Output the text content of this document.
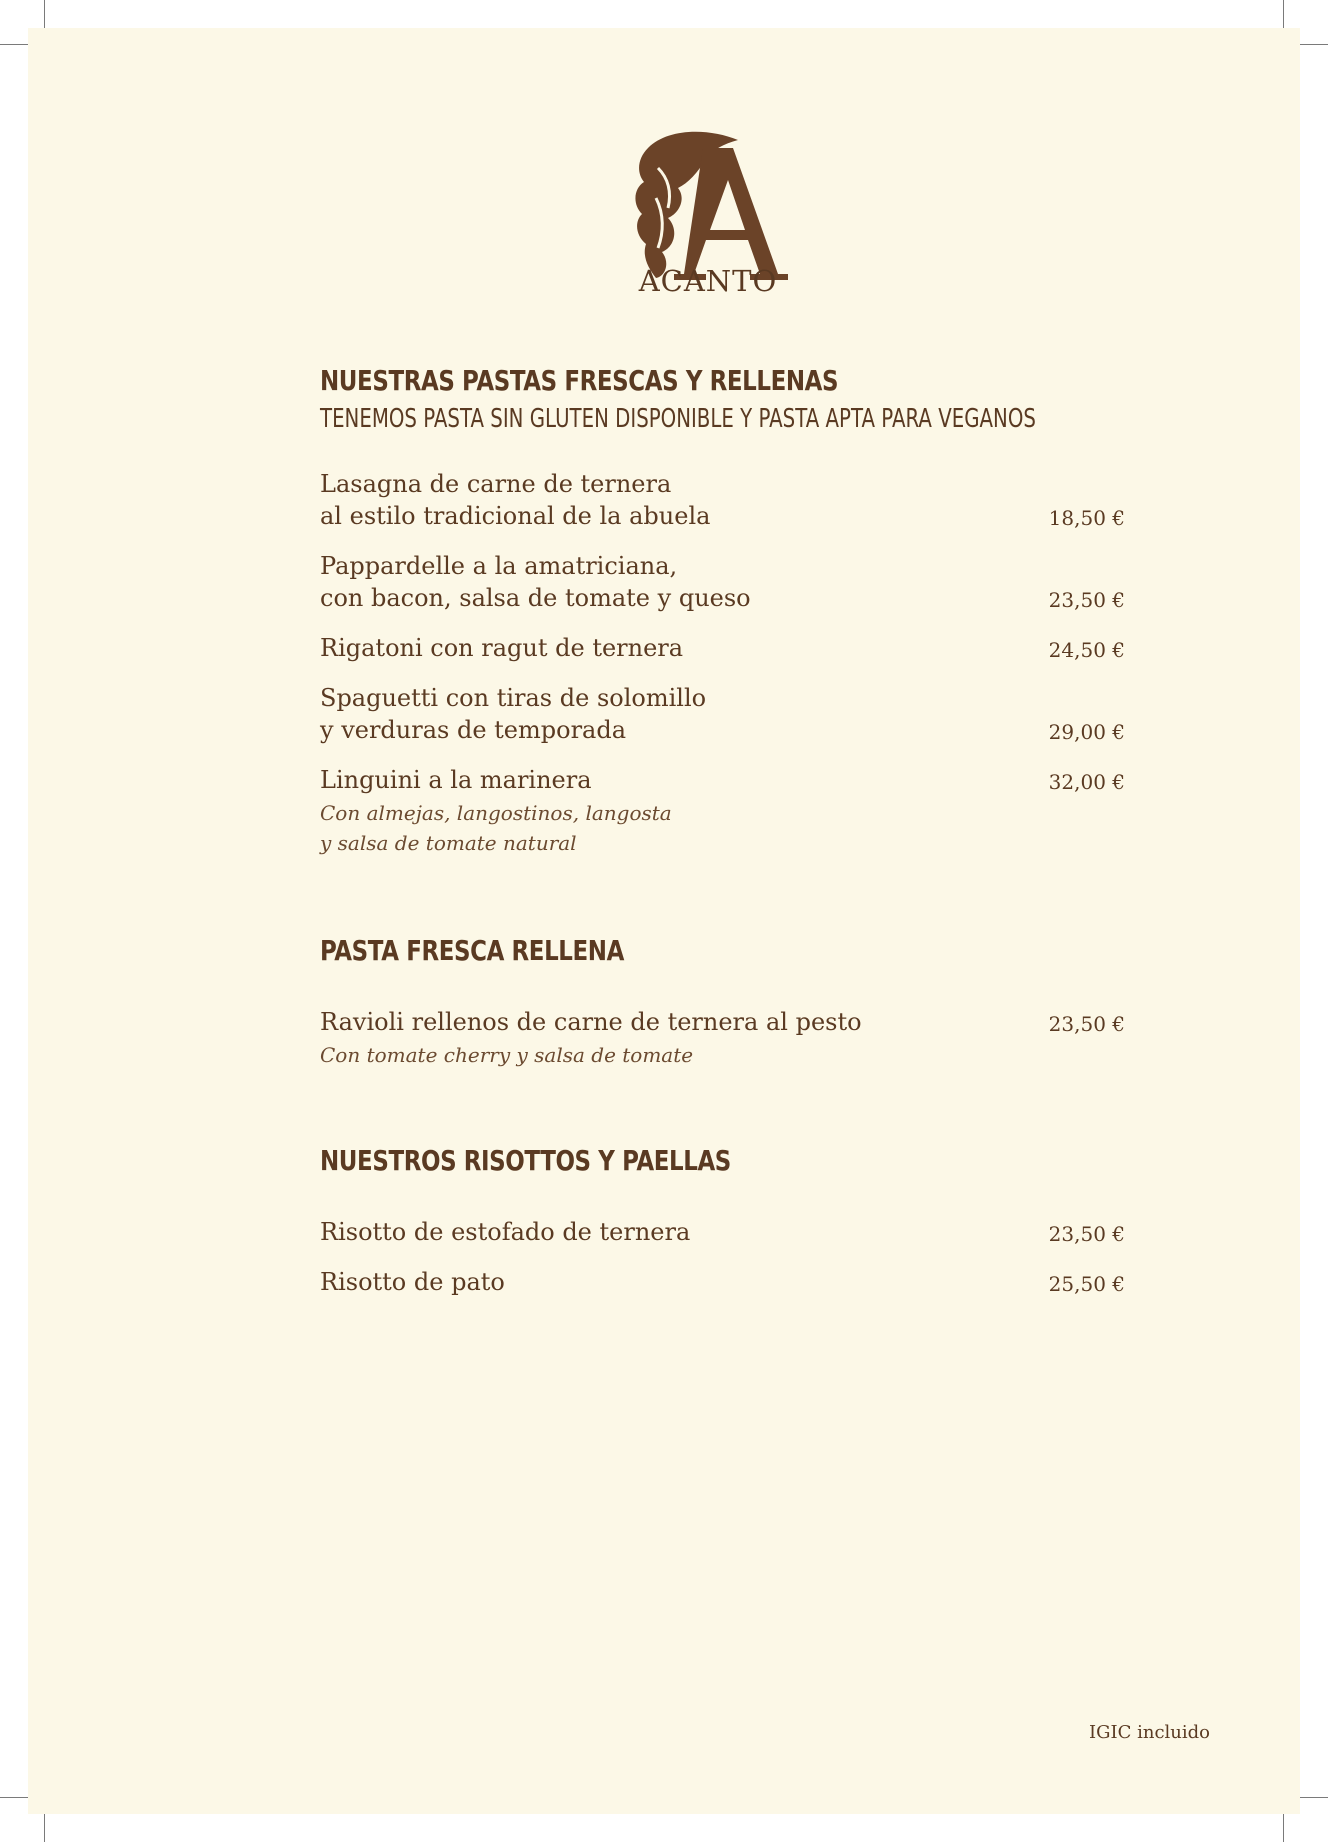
ACANTO
NUESTRAS PASTAS FRESCAS Y RELLENAS
TENEMOS PASTA SIN GLUTEN DISPONIBLE Y PASTA APTA PARA VEGANOS
Lasagna de carne de ternera
al estilo tradicional de la abuela	18,50 €
Pappardelle a la amatriciana,
con bacon, salsa de tomate y queso	23,50 €
Rigatoni con ragut de ternera	24,50 €
Spaguetti con tiras de solomillo
y verduras de temporada	29,00 €
Linguini a la marinera	32,00 €
Con almejas, langostinos, langosta
y salsa de tomate natural
PASTA FRESCA RELLENA
Ravioli rellenos de carne de ternera al pesto	23,50 €
Con tomate cherry y salsa de tomate
NUESTROS RISOTTOS Y PAELLAS
Risotto de estofado de ternera	23,50 €
Risotto de pato	25,50 €
IGIC incluido
